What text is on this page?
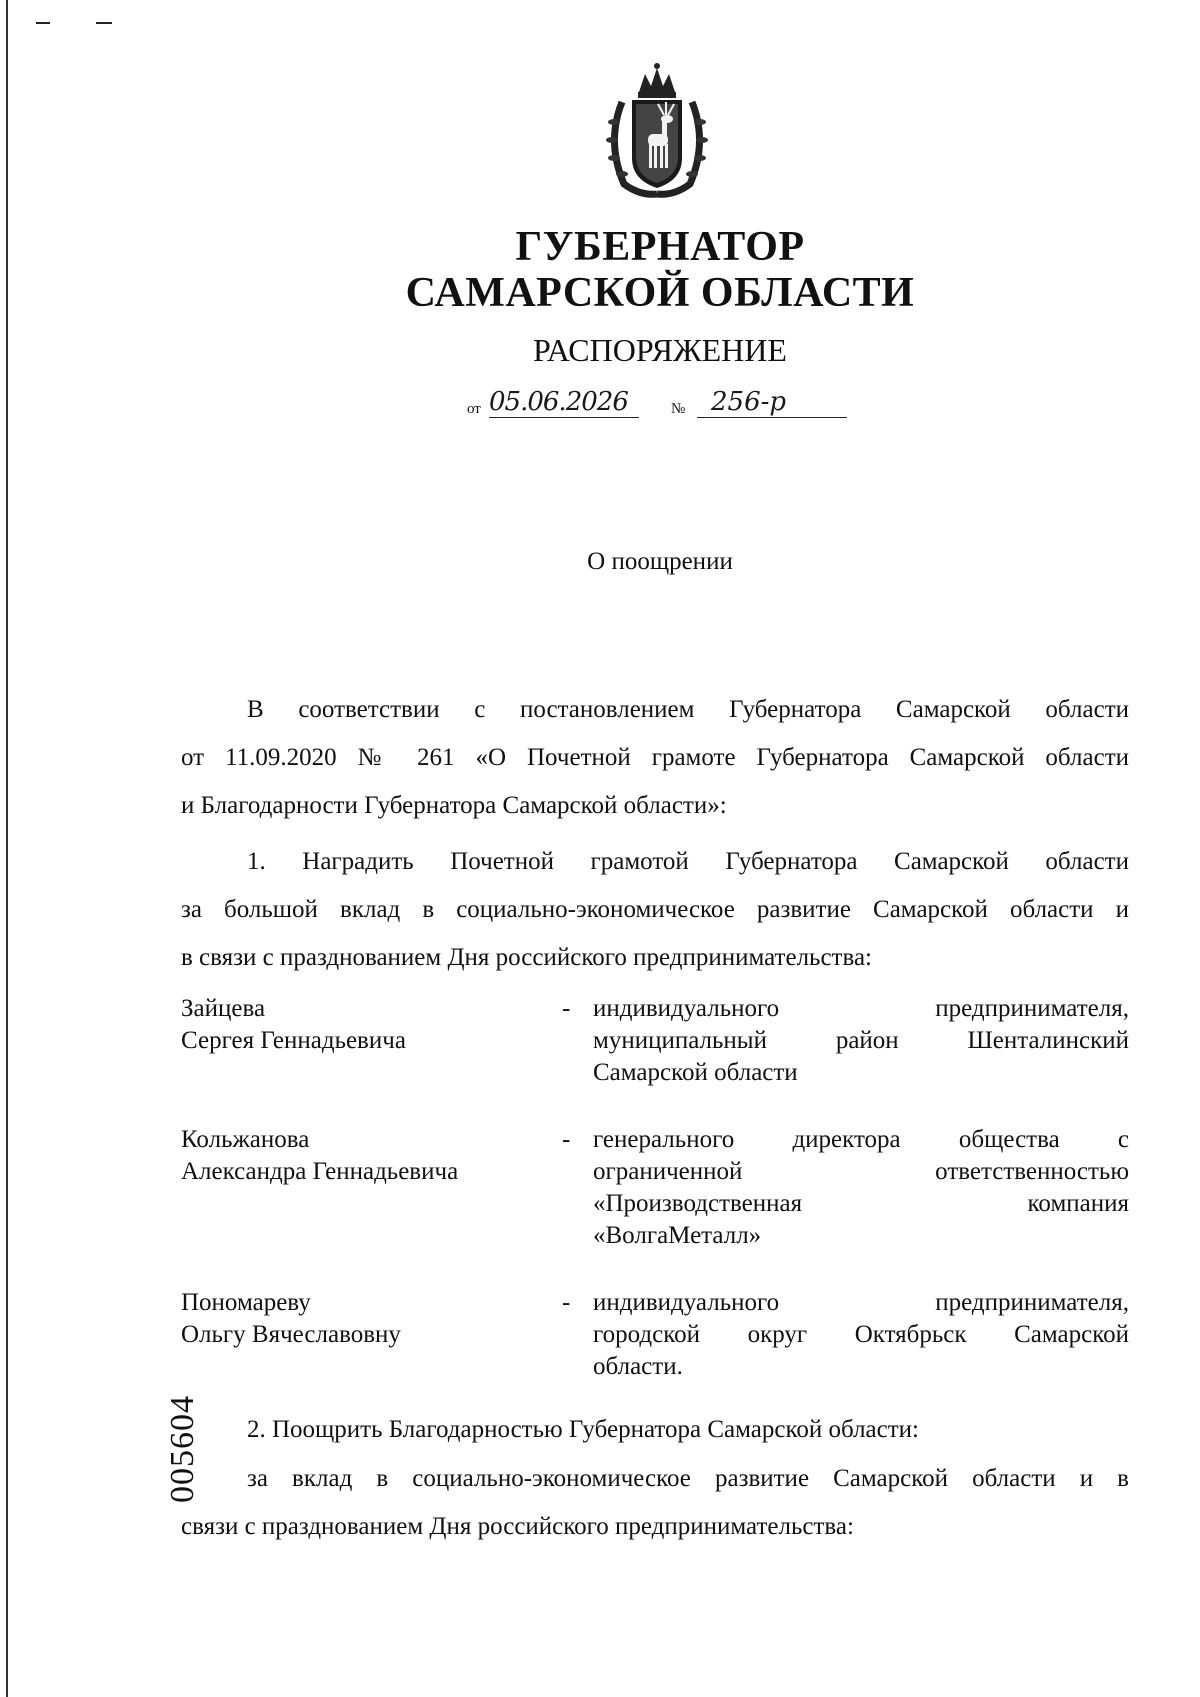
ГУБЕРНАТОР
САМАРСКОЙ ОБЛАСТИ
РАСПОРЯЖЕНИЕ
от 05.06.2026	№ 256-р
О поощрении

В соответствии с постановлением Губернатора Самарской области

от 11.09.2020 № 261 «О Почетной грамоте Губернатора Самарской области

и Благодарности Губернатора Самарской области»:

1. Наградить Почетной грамотой Губернатора Самарской области

за большой вклад в социально-экономическое развитие Самарской области и

в связи с празднованием Дня российского предпринимательства:

Зайцева
Сергея Геннадьевича
- индивидуального предпринимателя,

муниципальный район Шенталинский

Самарской области

Кольжанова
Александра Геннадьевича
- генерального директора общества с

ограниченной ответственностью

«Производственная компания

«ВолгаМеталл»

Пономареву
Ольгу Вячеславовну
- индивидуального предпринимателя,

городской округ Октябрьск Самарской

области.

2. Поощрить Благодарностью Губернатора Самарской области:

за вклад в социально-экономическое развитие Самарской области и в

связи с празднованием Дня российского предпринимательства:

005604
